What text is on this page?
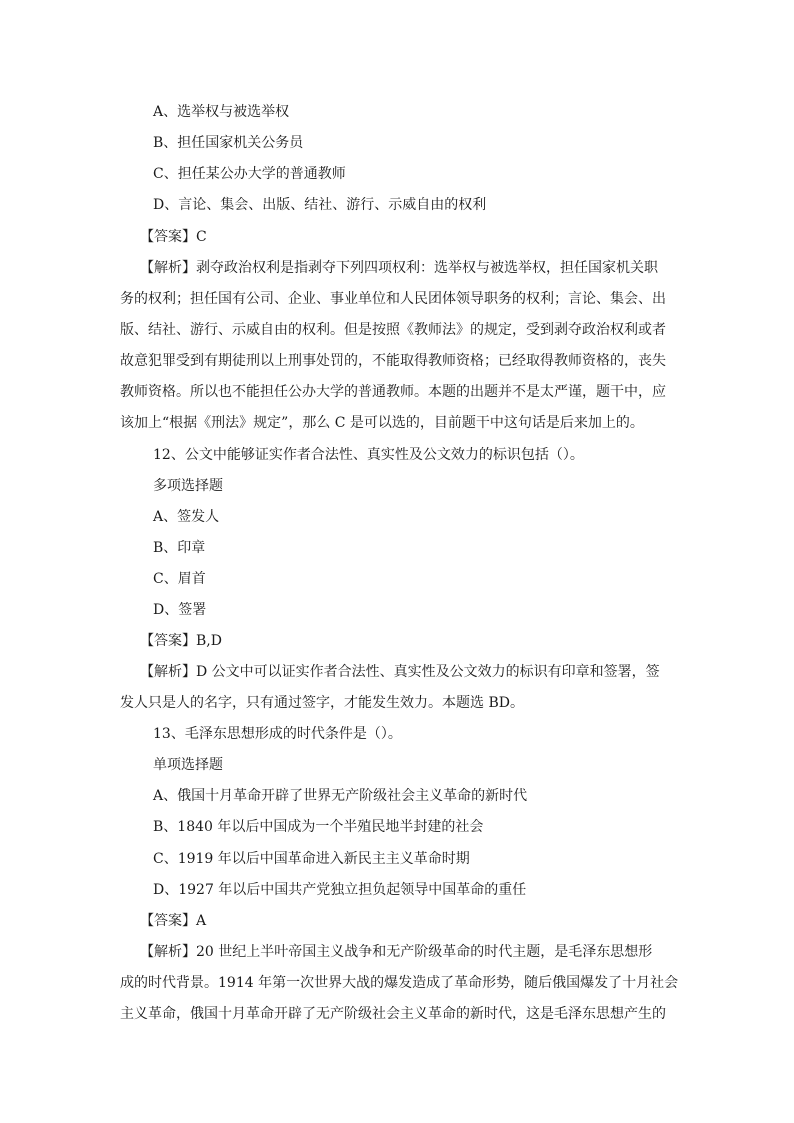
A、选举权与被选举权
B、担任国家机关公务员
C、担任某公办大学的普通教师
D、言论、集会、出版、结社、游行、示威自由的权利
【答案】C
【解析】剥夺政治权利是指剥夺下列四项权利：选举权与被选举权，担任国家机关职
务的权利；担任国有公司、企业、事业单位和人民团体领导职务的权利；言论、集会、出
版、结社、游行、示威自由的权利。但是按照《教师法》的规定，受到剥夺政治权利或者
故意犯罪受到有期徒刑以上刑事处罚的，不能取得教师资格；已经取得教师资格的，丧失
教师资格。所以也不能担任公办大学的普通教师。本题的出题并不是太严谨，题干中，应
该加上“根据《刑法》规定”，那么 C 是可以选的，目前题干中这句话是后来加上的。
12、公文中能够证实作者合法性、真实性及公文效力的标识包括（）。
多项选择题
A、签发人
B、印章
C、眉首
D、签署
【答案】B,D
【解析】D 公文中可以证实作者合法性、真实性及公文效力的标识有印章和签署，签
发人只是人的名字，只有通过签字，才能发生效力。本题选 BD。
13、毛泽东思想形成的时代条件是（）。
单项选择题
A、俄国十月革命开辟了世界无产阶级社会主义革命的新时代
B、1840 年以后中国成为一个半殖民地半封建的社会
C、1919 年以后中国革命进入新民主主义革命时期
D、1927 年以后中国共产党独立担负起领导中国革命的重任
【答案】A
【解析】20 世纪上半叶帝国主义战争和无产阶级革命的时代主题，是毛泽东思想形
成的时代背景。1914 年第一次世界大战的爆发造成了革命形势，随后俄国爆发了十月社会
主义革命，俄国十月革命开辟了无产阶级社会主义革命的新时代，这是毛泽东思想产生的
